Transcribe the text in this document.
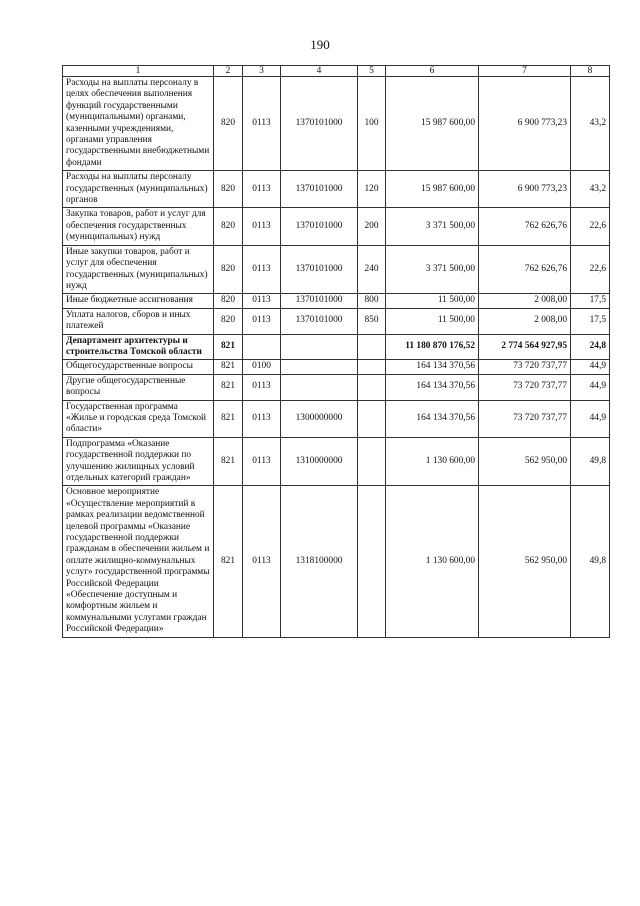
190
1	2	3	4	5	6	7	8
Расходы на выплаты персоналу в целях обеспечения выполнения функций государственными (муниципальными) органами, казенными учреждениями, органами управления государственными внебюджетными фондами	820	0113	1370101000	100	15 987 600,00	6 900 773,23	43,2
Расходы на выплаты персоналу государственных (муниципальных) органов	820	0113	1370101000	120	15 987 600,00	6 900 773,23	43,2
Закупка товаров, работ и услуг для обеспечения государственных (муниципальных) нужд	820	0113	1370101000	200	3 371 500,00	762 626,76	22,6
Иные закупки товаров, работ и услуг для обеспечения государственных (муниципальных) нужд	820	0113	1370101000	240	3 371 500,00	762 626,76	22,6
Иные бюджетные ассигнования	820	0113	1370101000	800	11 500,00	2 008,00	17,5
Уплата налогов, сборов и иных платежей	820	0113	1370101000	850	11 500,00	2 008,00	17,5
Департамент архитектуры и строительства Томской области	821				11 180 870 176,52	2 774 564 927,95	24,8
Общегосударственные вопросы	821	0100			164 134 370,56	73 720 737,77	44,9
Другие общегосударственные вопросы	821	0113			164 134 370,56	73 720 737,77	44,9
Государственная программа «Жилье и городская среда Томской области»	821	0113	1300000000		164 134 370,56	73 720 737,77	44,9
Подпрограмма «Оказание государственной поддержки по улучшению жилищных условий отдельных категорий граждан»	821	0113	1310000000		1 130 600,00	562 950,00	49,8
Основное мероприятие «Осуществление мероприятий в рамках реализации ведомственной целевой программы «Оказание государственной поддержки гражданам в обеспечении жильем и оплате жилищно-коммунальных услуг» государственной программы Российской Федерации «Обеспечение доступным и комфортным жильем и коммунальными услугами граждан Российской Федерации»	821	0113	1318100000		1 130 600,00	562 950,00	49,8
